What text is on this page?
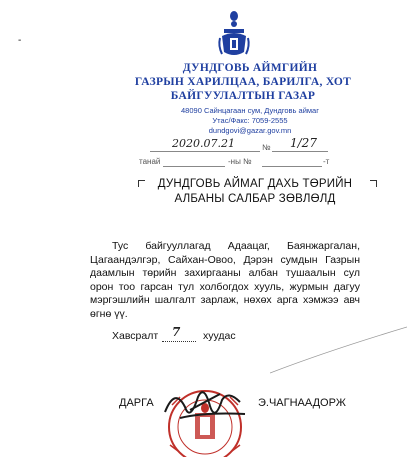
-
ДУНДГОВЬ АЙМГИЙН
ГАЗРЫН ХАРИЛЦАА, БАРИЛГА, ХОТ
БАЙГУУЛАЛТЫН ГАЗАР
48090 Сайнцагаан сум, Дундговь аймаг
Утас/Факс: 7059-2555
dundgovi@gazar.gov.mn
2020.07.21	№ 1/27
танай	-ны №	-т
ДУНДГОВЬ АЙМАГ ДАХЬ ТӨРИЙН
АЛБАНЫ САЛБАР ЗӨВЛӨЛД
Тус байгууллагад Адаацаг, Баянжаргалан, Цагаандэлгэр, Сайхан-Овоо, Дэрэн сумдын Газрын даамлын төрийн захиргааны албан тушаалын сул орон тоо гарсан тул холбогдох хууль, журмын дагуу мэргэшлийн шалгалт зарлаж, нөхөх арга хэмжээ авч өгнө үү.
Хавсралт 7 хуудас
ДАРГА	Э.ЧАГНААДОРЖ
